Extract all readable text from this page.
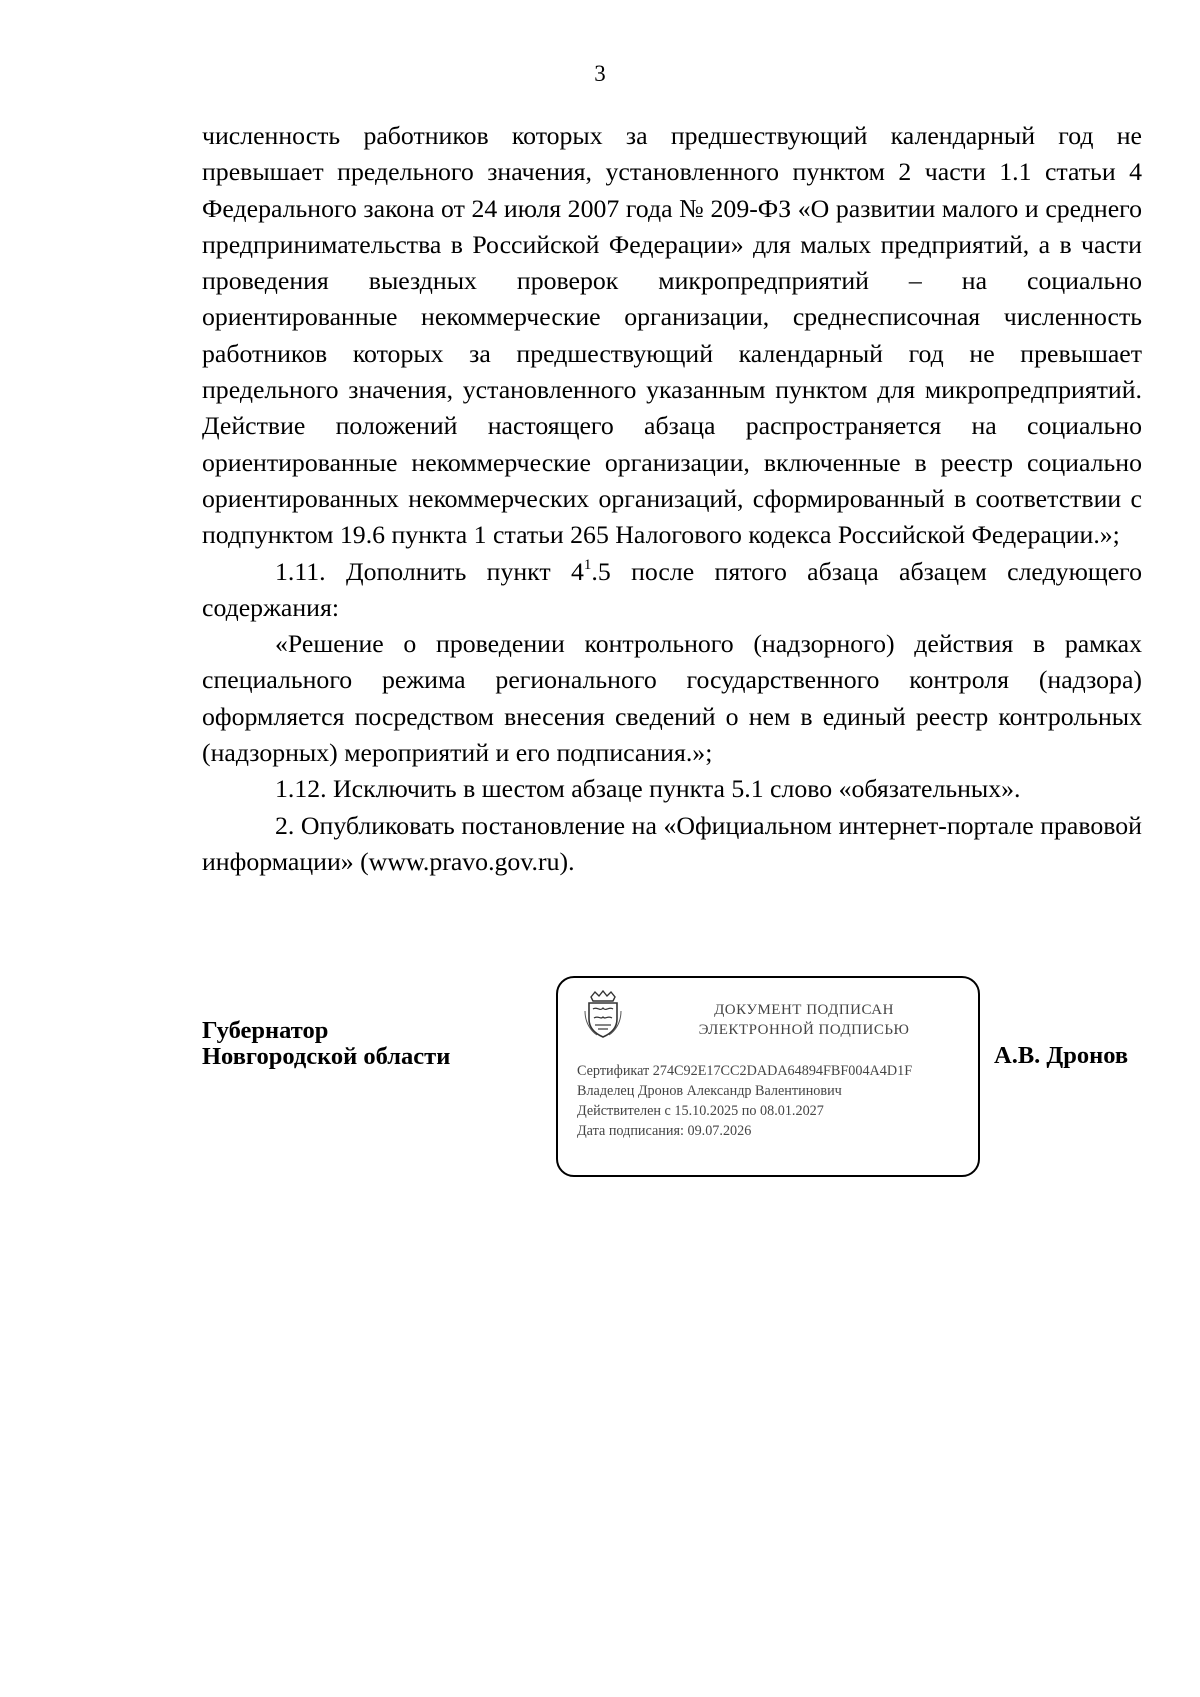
3

численность работников которых за предшествующий календарный год не превышает предельного значения, установленного пунктом 2 части 1.1 статьи 4 Федерального закона от 24 июля 2007 года № 209-ФЗ «О развитии малого и среднего предпринимательства в Российской Федерации» для малых предприятий, а в части проведения выездных проверок микропредприятий – на социально ориентированные некоммерческие организации, среднесписочная численность работников которых за предшествующий календарный год не превышает предельного значения, установленного указанным пунктом для микропредприятий. Действие положений настоящего абзаца распространяется на социально ориентированные некоммерческие организации, включенные в реестр социально ориентированных некоммерческих организаций, сформированный в соответствии с подпунктом 19.6 пункта 1 статьи 265 Налогового кодекса Российской Федерации.»;

1.11. Дополнить пункт $4^1.5$ после пятого абзаца абзацем следующего содержания:

«Решение о проведении контрольного (надзорного) действия в рамках специального режима регионального государственного контроля (надзора) оформляется посредством внесения сведений о нем в единый реестр контрольных (надзорных) мероприятий и его подписания.»;

1.12. Исключить в шестом абзаце пункта 5.1 слово «обязательных».

2. Опубликовать постановление на «Официальном интернет-портале правовой информации» (www.pravo.gov.ru).

Губернатор
Новгородской области
ДОКУМЕНТ ПОДПИСАН
ЭЛЕКТРОННОЙ ПОДПИСЬЮ
Сертификат 274C92E17CC2DADA64894FBF004A4D1F
Владелец Дронов Александр Валентинович
Действителен с 15.10.2025 по 08.01.2027
Дата подписания: 09.07.2026
А.В. Дронов
